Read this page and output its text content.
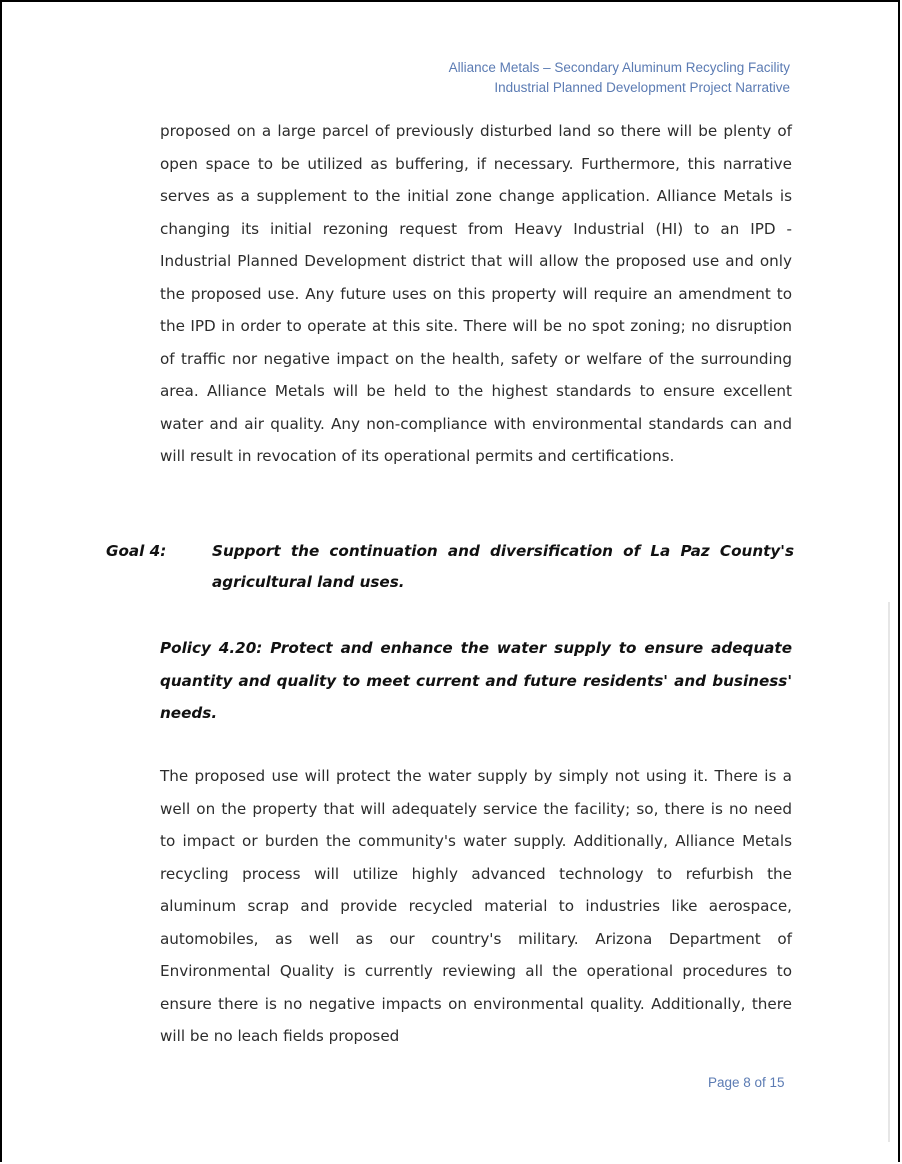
Alliance Metals – Secondary Aluminum Recycling Facility
Industrial Planned Development Project Narrative

proposed on a large parcel of previously disturbed land so there will be plenty of open space to be utilized as buffering, if necessary. Furthermore, this narrative serves as a supplement to the initial zone change application. Alliance Metals is changing its initial rezoning request from Heavy Industrial (HI) to an IPD - Industrial Planned Development district that will allow the proposed use and only the proposed use. Any future uses on this property will require an amendment to the IPD in order to operate at this site. There will be no spot zoning; no disruption of traffic nor negative impact on the health, safety or welfare of the surrounding area. Alliance Metals will be held to the highest standards to ensure excellent water and air quality. Any non-compliance with environmental standards can and will result in revocation of its operational permits and certifications.

Goal 4:	Support the continuation and diversification of La Paz County's agricultural land uses.

Policy 4.20: Protect and enhance the water supply to ensure adequate quantity and quality to meet current and future residents' and business' needs.

The proposed use will protect the water supply by simply not using it. There is a well on the property that will adequately service the facility; so, there is no need to impact or burden the community's water supply. Additionally, Alliance Metals recycling process will utilize highly advanced technology to refurbish the aluminum scrap and provide recycled material to industries like aerospace, automobiles, as well as our country's military. Arizona Department of Environmental Quality is currently reviewing all the operational procedures to ensure there is no negative impacts on environmental quality. Additionally, there will be no leach fields proposed

Page 8 of 15
